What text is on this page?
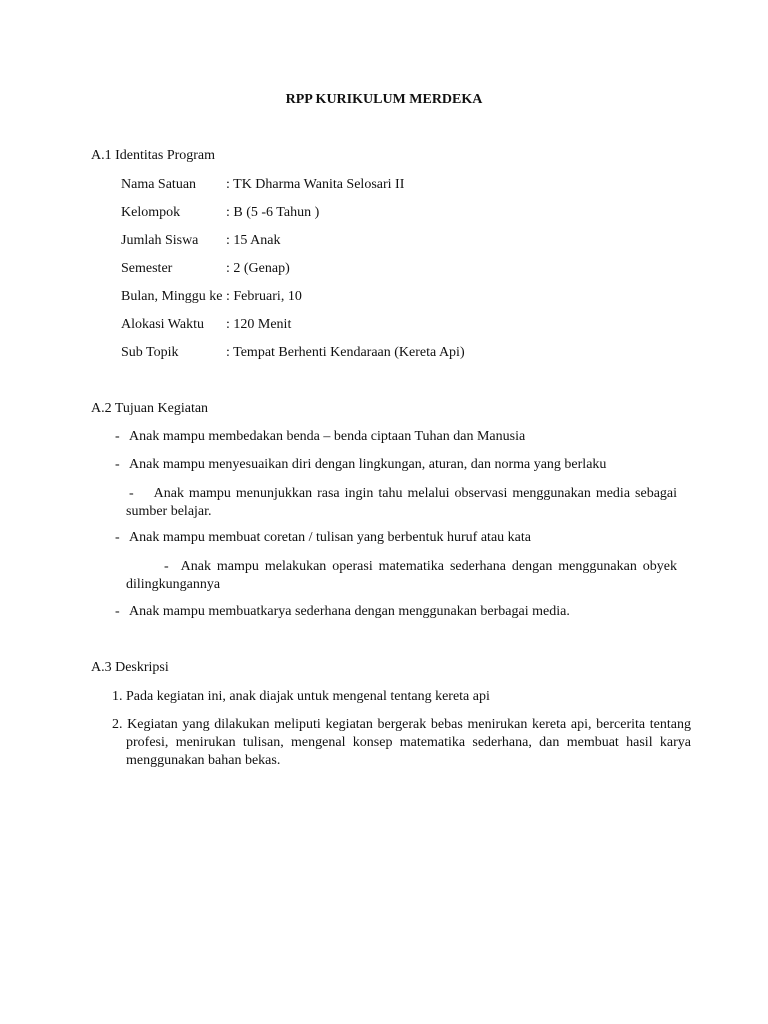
RPP KURIKULUM MERDEKA
A.1 Identitas Program
Nama Satuan : TK Dharma Wanita Selosari II
Kelompok	: B (5 -6 Tahun )
Jumlah Siswa : 15 Anak
Semester	: 2 (Genap)
Bulan, Minggu ke : Februari, 10
Alokasi Waktu : 120 Menit
Sub Topik	: Tempat Berhenti Kendaraan (Kereta Api)
A.2 Tujuan Kegiatan
- Anak mampu membedakan benda – benda ciptaan Tuhan dan Manusia
- Anak mampu menyesuaikan diri dengan lingkungan, aturan, dan norma yang berlaku
- Anak mampu menunjukkan rasa ingin tahu melalui observasi menggunakan media sebagai sumber belajar.
- Anak mampu membuat coretan / tulisan yang berbentuk huruf atau kata
- Anak mampu melakukan operasi matematika sederhana dengan menggunakan obyek dilingkungannya
- Anak mampu membuatkarya sederhana dengan menggunakan berbagai media.
A.3 Deskripsi
1. Pada kegiatan ini, anak diajak untuk mengenal tentang kereta api
2. Kegiatan yang dilakukan meliputi kegiatan bergerak bebas menirukan kereta api, bercerita tentang profesi, menirukan tulisan, mengenal konsep matematika sederhana, dan membuat hasil karya menggunakan bahan bekas.
